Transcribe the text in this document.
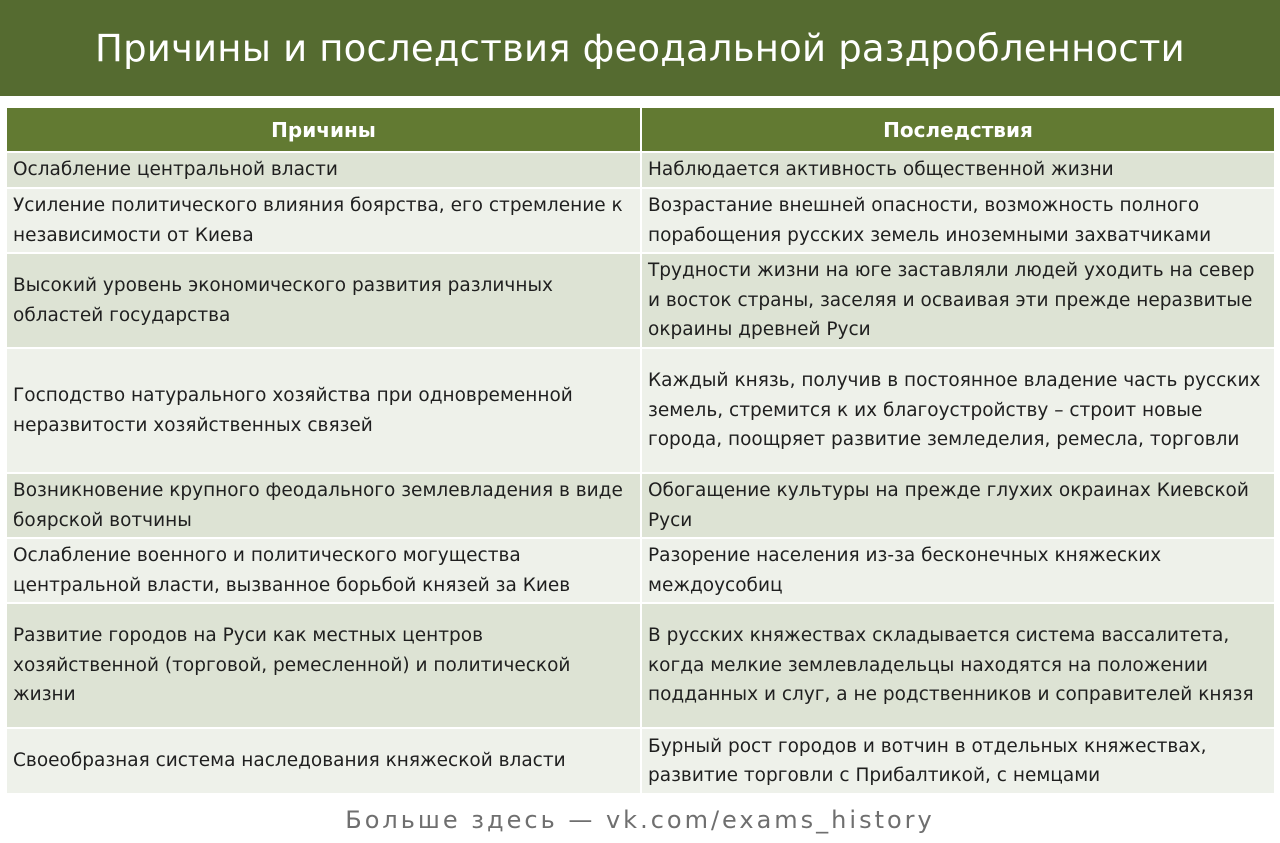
Причины и последствия феодальной раздробленности
Причины	Последствия

Ослабление центральной власти	Наблюдается активность общественной жизни

Усиление политического влияния боярства, его стремление к независимости от Киева	Возрастание внешней опасности, возможность полного порабощения русских земель иноземными захватчиками

Высокий уровень экономического развития различных областей государства	Трудности жизни на юге заставляли людей уходить на север и восток страны, заселяя и осваивая эти прежде неразвитые окраины древней Руси

Господство натурального хозяйства при одновременной неразвитости хозяйственных связей	Каждый князь, получив в постоянное владение часть русских земель, стремится к их благоустройству – строит новые города, поощряет развитие земледелия, ремесла, торговли

Возникновение крупного феодального землевладения в виде боярской вотчины	Обогащение культуры на прежде глухих окраинах Киевской Руси

Ослабление военного и политического могущества центральной власти, вызванное борьбой князей за Киев	Разорение населения из-за бесконечных княжеских междоусобиц

Развитие городов на Руси как местных центров хозяйственной (торговой, ремесленной) и политической жизни	В русских княжествах складывается система вассалитета, когда мелкие землевладельцы находятся на положении подданных и слуг, а не родственников и соправителей князя

Своеобразная система наследования княжеской власти	Бурный рост городов и вотчин в отдельных княжествах, развитие торговли с Прибалтикой, с немцами
Больше здесь — vk.com/exams_history
